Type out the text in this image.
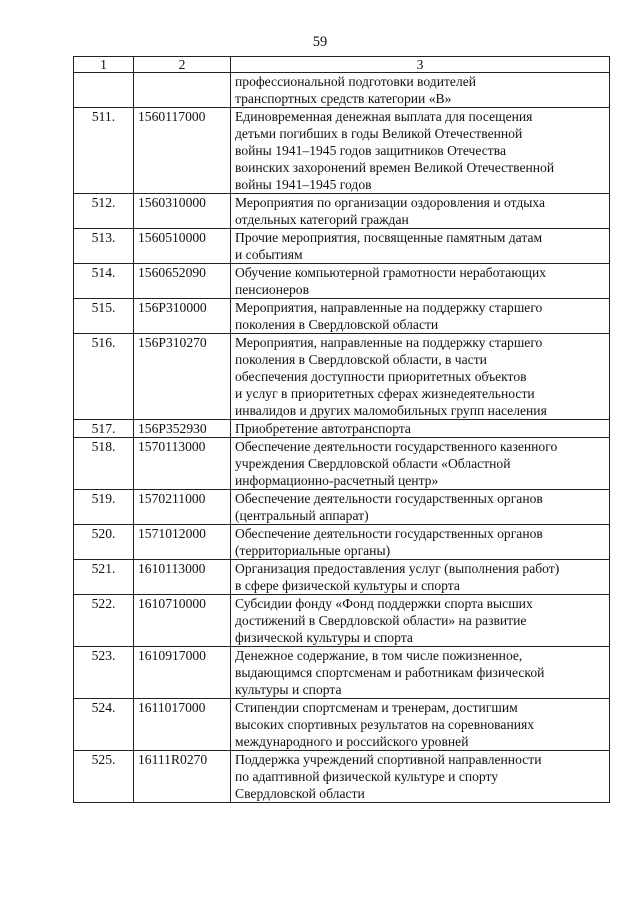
59
1	2	3

		профессиональной подготовки водителей
транспортных средств категории «В»

511.	1560117000	Единовременная денежная выплата для посещения
детьми погибших в годы Великой Отечественной
войны 1941–1945 годов защитников Отечества
воинских захоронений времен Великой Отечественной
войны 1941–1945 годов

512.	1560310000	Мероприятия по организации оздоровления и отдыха
отдельных категорий граждан

513.	1560510000	Прочие мероприятия, посвященные памятным датам
и событиям

514.	1560652090	Обучение компьютерной грамотности неработающих
пенсионеров

515.	156P310000	Мероприятия, направленные на поддержку старшего
поколения в Свердловской области

516.	156P310270	Мероприятия, направленные на поддержку старшего
поколения в Свердловской области, в части
обеспечения доступности приоритетных объектов
и услуг в приоритетных сферах жизнедеятельности
инвалидов и других маломобильных групп населения

517.	156P352930	Приобретение автотранспорта

518.	1570113000	Обеспечение деятельности государственного казенного
учреждения Свердловской области «Областной
информационно-расчетный центр»

519.	1570211000	Обеспечение деятельности государственных органов
(центральный аппарат)

520.	1571012000	Обеспечение деятельности государственных органов
(территориальные органы)

521.	1610113000	Организация предоставления услуг (выполнения работ)
в сфере физической культуры и спорта

522.	1610710000	Субсидии фонду «Фонд поддержки спорта высших
достижений в Свердловской области» на развитие
физической культуры и спорта

523.	1610917000	Денежное содержание, в том числе пожизненное,
выдающимся спортсменам и работникам физической
культуры и спорта

524.	1611017000	Стипендии спортсменам и тренерам, достигшим
высоких спортивных результатов на соревнованиях
международного и российского уровней

525.	16111R0270	Поддержка учреждений спортивной направленности
по адаптивной физической культуре и спорту
Свердловской области
